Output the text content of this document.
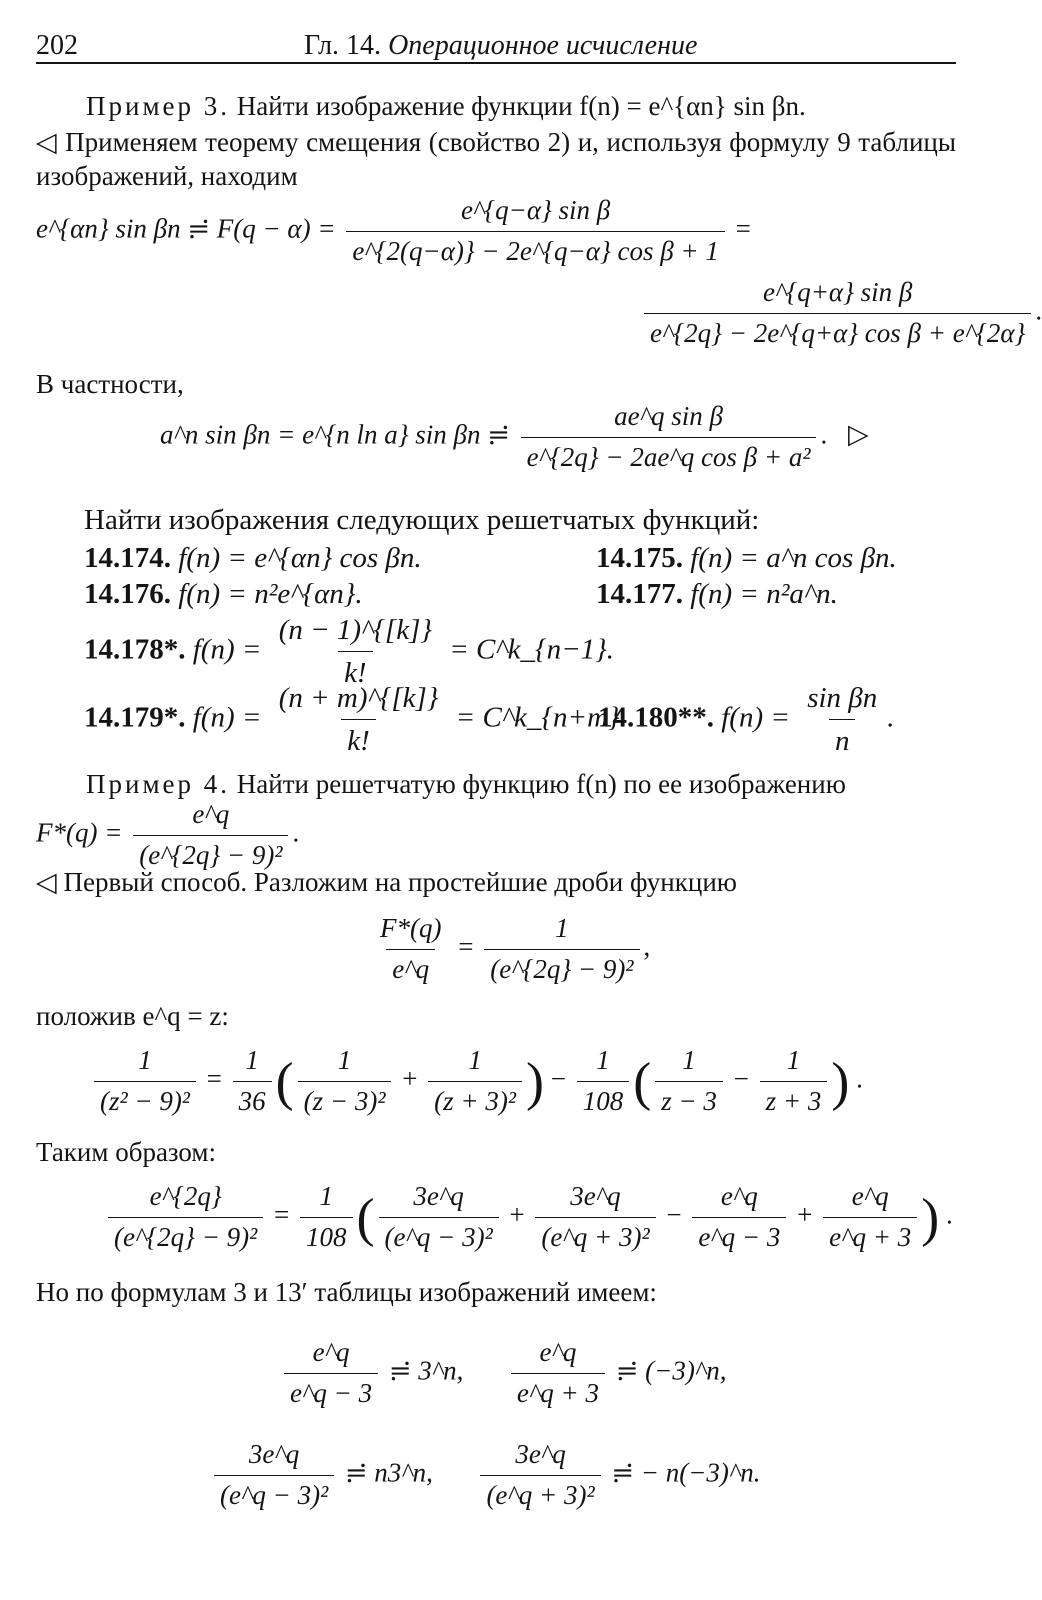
202	Гл. 14. Операционное исчисление
Пример 3. Найти изображение функции f(n) = e^{αn} sin βn.
◁ Применяем теорему смещения (свойство 2) и, используя формулу 9 таблицы изображений, находим
e^{αn} sin βn ≓ $F(q - \alpha) = \frac{\text{e\textasciicircum{}\{q−α\} sin β}}{\text{e\textasciicircum{}\{2(q−α)\} − 2e\textasciicircum{}\{q−α\} cos β + 1}}$ =
$\frac{\text{e\textasciicircum{}\{q+α\} sin β}}{\text{e\textasciicircum{}\{2q\} − 2e\textasciicircum{}\{q+α\} cos β + e\textasciicircum{}\{2α\}}}$ .
В частности,
a^n sin βn = e^{n ln a} sin βn ≓ $\frac{\text{ae\textasciicircum{}q sin β}}{\text{e\textasciicircum{}\{2q\} − 2ae\textasciicircum{}q cos β + a²}}$ . ▷
Найти изображения следующих решетчатых функций:
14.174. f(n) = e^{αn} cos βn.	14.175. f(n) = a^n cos βn.
14.176. f(n) = n²e^{αn}.	14.177. f(n) = n²a^n.
14.178*. $f(n) = \frac{(n - 1)\^{}\{[k]\}}{k!}$ = C^k_{n−1}.
14.179*. $f(n) = \frac{(n + m)\^{}\{[k]\}}{k!}$ = C^k_{n+m}.
14.180**. $f(n) = \frac{\text{sin βn}}{n}$ .
Пример 4. Найти решетчатую функцию f(n) по ее изображению
$F*(q) = \frac{e\^{}q}{\text{(e\textasciicircum{}\{2q\} − 9)²}}$ .
◁ Первый способ. Разложим на простейшие дроби функцию
$\frac{F*(q)}{e\^{}q} = \frac{1}{\text{(e\textasciicircum{}\{2q\} − 9)²}}$ ,
положив e^q = z:
$\frac{1}{\text{(z² − 9)²}} = \frac{1}{36}$ ( $\frac{1}{\text{(z − 3)²}} + \frac{1}{\text{(z + 3)²}}$ ) − $\frac{1}{108}$ ( $\frac{1}{z - 3} - \frac{1}{z + 3}$ ) .
Таким образом:
$\frac{e\^{}\{2q\}}{\text{(e\textasciicircum{}\{2q\} − 9)²}} = \frac{1}{108}$ ( $\frac{3e\^{}q}{\text{(e\textasciicircum{}q − 3)²}} + \frac{3e\^{}q}{\text{(e\textasciicircum{}q + 3)²}} - \frac{e\^{}q}{e\^{}q - 3} + \frac{e\^{}q}{e\^{}q + 3}$ ) .
Но по формулам 3 и 13′ таблицы изображений имеем:
$\frac{e\^{}q}{e\^{}q - 3}$ ≓ 3^n, $\frac{e\^{}q}{e\^{}q + 3}$ ≓ (−3)^n,
$\frac{3e\^{}q}{\text{(e\textasciicircum{}q − 3)²}}$ ≓ n3^n, $\frac{3e\^{}q}{\text{(e\textasciicircum{}q + 3)²}}$ ≓ − n(−3)^n.
